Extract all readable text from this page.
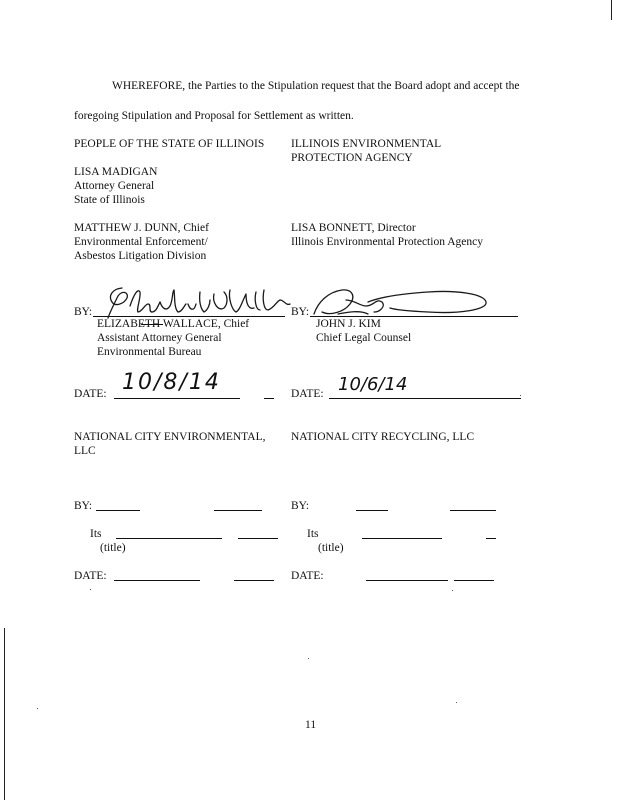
WHEREFORE, the Parties to the Stipulation request that the Board adopt and accept the
foregoing Stipulation and Proposal for Settlement as written.
PEOPLE OF THE STATE OF ILLINOIS
LISA MADIGAN
Attorney General
State of Illinois
MATTHEW J. DUNN, Chief
Environmental Enforcement/
Asbestos Litigation Division
ILLINOIS ENVIRONMENTAL
PROTECTION AGENCY
LISA BONNETT, Director
Illinois Environmental Protection Agency
BY:
ELIZABETH WALLACE, Chief
Assistant Attorney General
Environmental Bureau
BY:
JOHN J. KIM
Chief Legal Counsel
DATE: 10/8/14	DATE: 10/6/14
NATIONAL CITY ENVIRONMENTAL,
LLC
BY:
Its
(title)
DATE:
NATIONAL CITY RECYCLING, LLC
BY:
Its
(title)
DATE:
11
